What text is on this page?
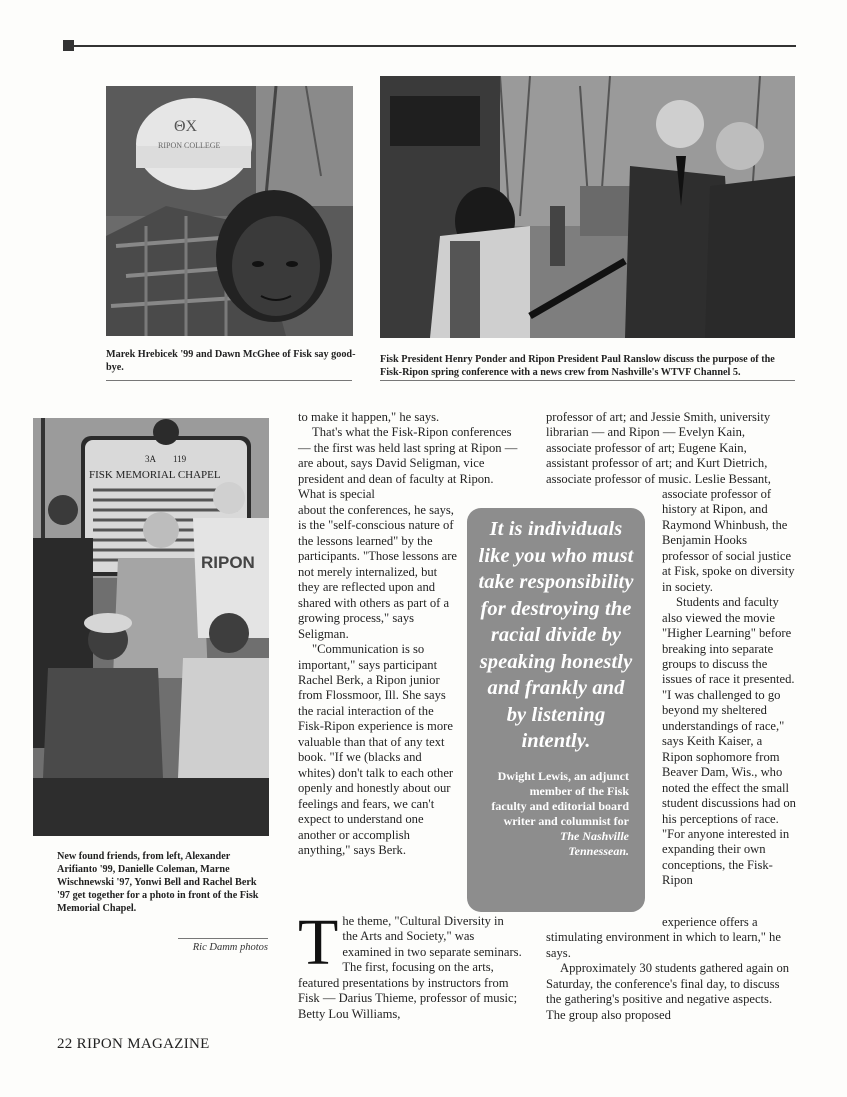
ΘX
RIPON COLLEGE
Marek Hrebicek '99 and Dawn McGhee of Fisk say good-bye.
Fisk President Henry Ponder and Ripon President Paul Ranslow discuss the purpose of the Fisk-Ripon spring conference with a news crew from Nashville's WTVF Channel 5.
3A 119
FISK MEMORIAL CHAPEL
RIPON
New found friends, from left, Alexander Arifianto '99, Danielle Coleman, Marne Wischnewski '97, Yonwi Bell and Rachel Berk '97 get together for a photo in front of the Fisk Memorial Chapel.
Ric Damm photos

to make it happen," he says.

That's what the Fisk-Ripon conferences — the first was held last spring at Ripon — are about, says David Seligman, vice president and dean of faculty at Ripon. What is special

about the conferences, he says, is the "self-conscious nature of the lessons learned" by the participants. "Those lessons are not merely internalized, but they are reflected upon and shared with others as part of a growing process," says Seligman.

"Communication is so important," says participant Rachel Berk, a Ripon junior from Flossmoor, Ill. She says the racial interaction of the Fisk-Ripon experience is more valuable than that of any text book. "If we (blacks and whites) don't talk to each other openly and honestly about our feelings and fears, we can't expect to understand one another or accomplish anything," says Berk.

T he theme, "Cultural Diversity in the Arts and Society," was examined in two separate seminars. The first, focusing on the arts, featured presentations by instructors from Fisk — Darius Thieme, professor of music; Betty Lou Williams,

professor of art; and Jessie Smith, university librarian — and Ripon — Evelyn Kain, associate professor of art; Eugene Kain, assistant professor of art; and Kurt Dietrich, associate professor of music. Leslie Bessant,

associate professor of history at Ripon, and Raymond Whinbush, the Benjamin Hooks professor of social justice at Fisk, spoke on diversity in society.

Students and faculty also viewed the movie "Higher Learning" before breaking into separate groups to discuss the issues of race it presented. "I was challenged to go beyond my sheltered understandings of race," says Keith Kaiser, a Ripon sophomore from Beaver Dam, Wis., who noted the effect the small student discussions had on his perceptions of race. "For anyone interested in expanding their own conceptions, the Fisk-Ripon

experience offers a stimulating environment in which to learn," he says.

Approximately 30 students gathered again on Saturday, the conference's final day, to discuss the gathering's positive and negative aspects. The group also proposed

It is individuals like you who must take responsibility for destroying the racial divide by speaking honestly and frankly and by listening intently.
Dwight Lewis, an adjunct
member of the Fisk
faculty and editorial board
writer and columnist for
The Nashville
Tennessean.
22 RIPON MAGAZINE
